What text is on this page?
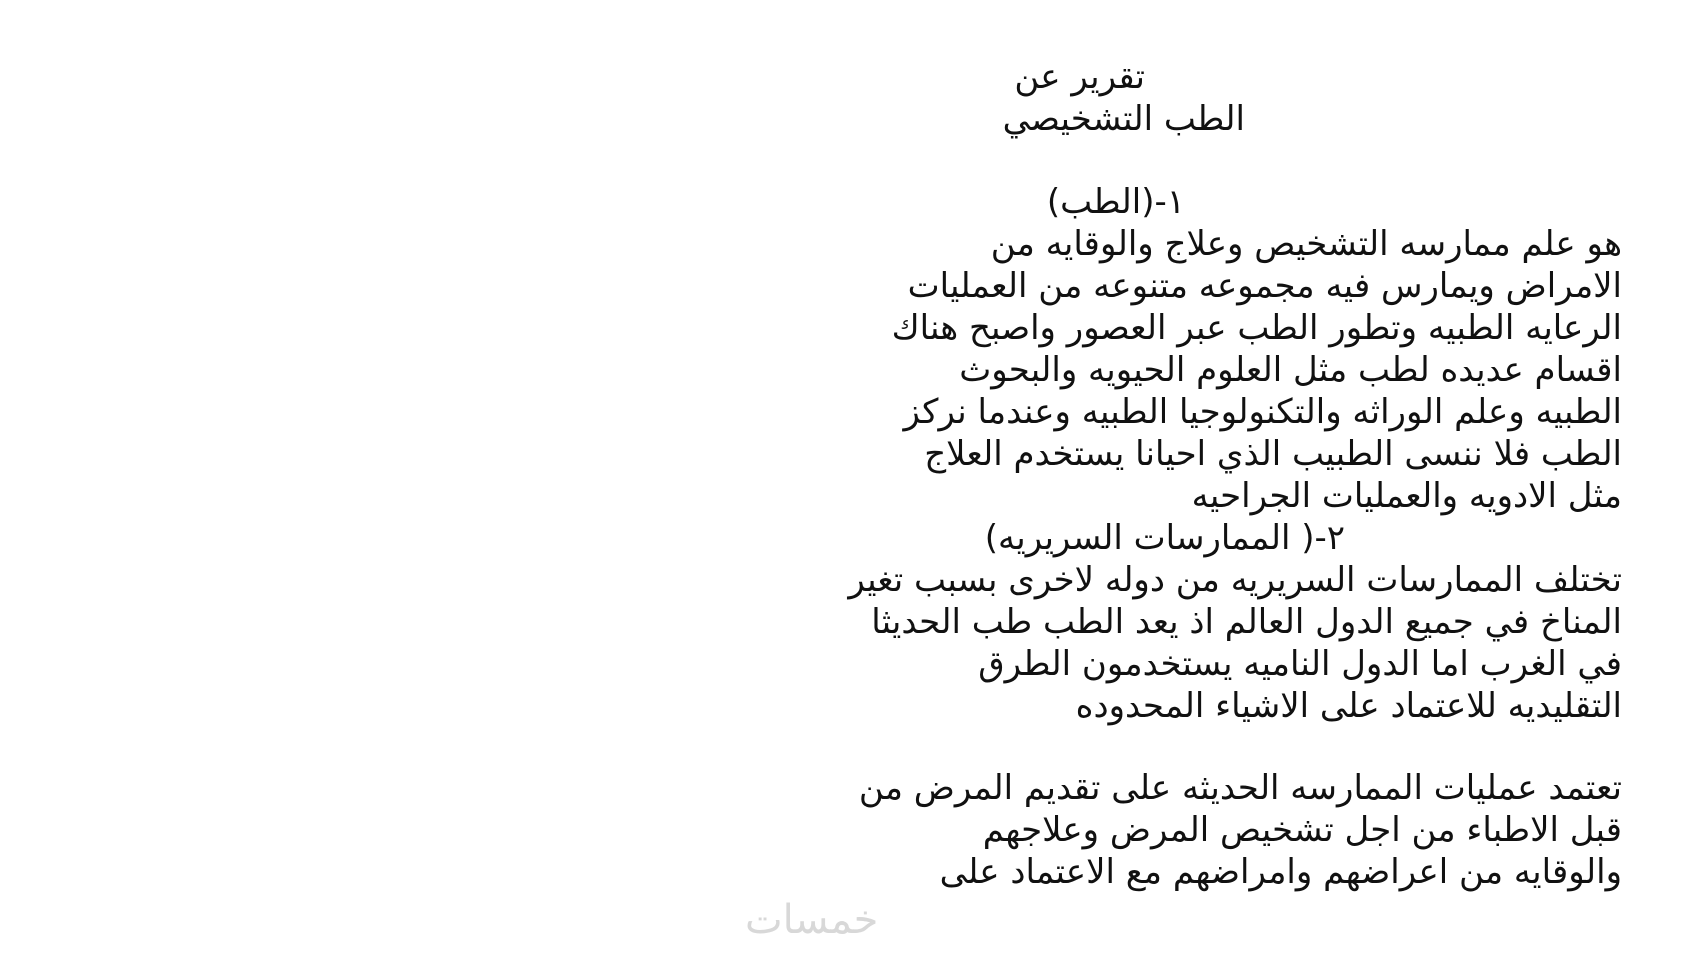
تقرير عن
الطب التشخيصي
١-(الطب)
هو علم ممارسه التشخيص وعلاج والوقايه من
الامراض ويمارس فيه مجموعه متنوعه من العمليات
الرعايه الطبيه وتطور الطب عبر العصور واصبح هناك
اقسام عديده لطب مثل العلوم الحيويه والبحوث
الطبيه وعلم الوراثه والتكنولوجيا الطبيه وعندما نركز
الطب فلا ننسى الطبيب الذي احيانا يستخدم العلاج
مثل الادويه والعمليات الجراحيه
٢-( الممارسات السريريه)
تختلف الممارسات السريريه من دوله لاخرى بسبب تغير
المناخ في جميع الدول العالم اذ يعد الطب طب الحديثا
في الغرب اما الدول الناميه يستخدمون الطرق
التقليديه للاعتماد على الاشياء المحدوده
تعتمد عمليات الممارسه الحديثه على تقديم المرض من
قبل الاطباء من اجل تشخيص المرض وعلاجهم
والوقايه من اعراضهم وامراضهم مع الاعتماد على
خمسات
